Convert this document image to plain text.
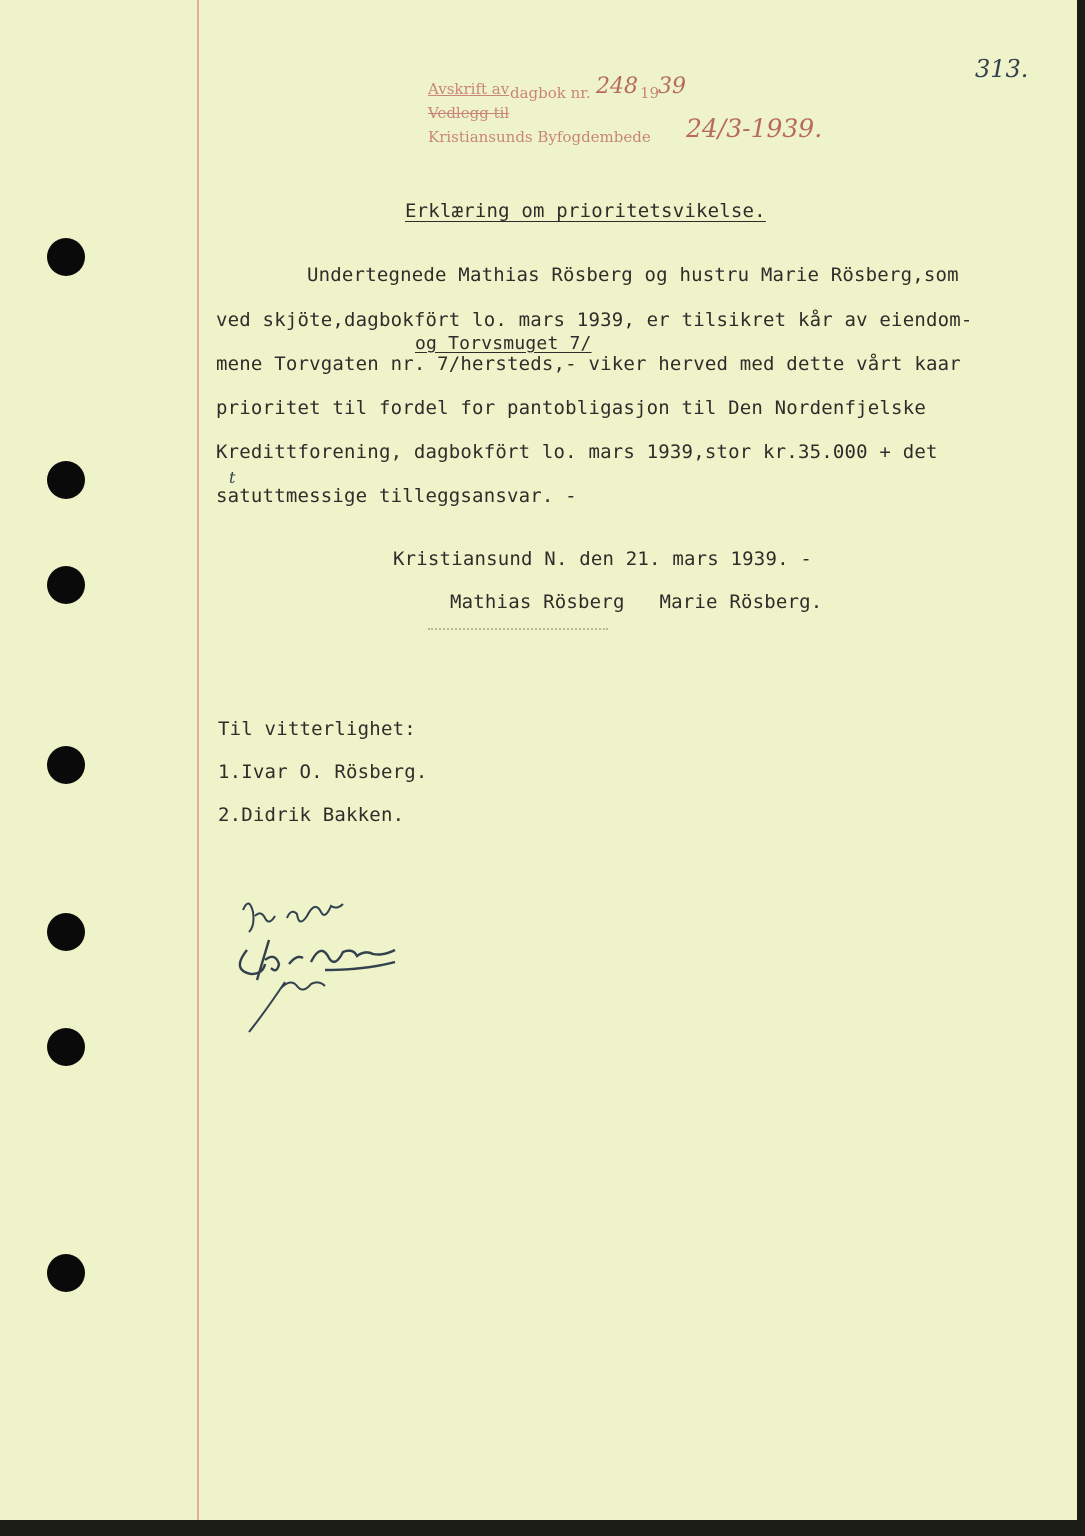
313.
Avskrift av dagbok nr. 248 19
39
Vedlegg til
Kristiansunds Byfogdembede 24/3-1939.
Erklæring om prioritetsvikelse.
Undertegnede Mathias Rösberg og hustru Marie Rösberg,som
ved skjöte,dagbokfört lo. mars 1939, er tilsikret kår av eiendom-
og Torvsmuget 7/
mene Torvgaten nr. 7/hersteds,- viker herved med dette vårt kaar
prioritet til fordel for pantobligasjon til Den Nordenfjelske
Kredittforening, dagbokfört lo. mars 1939,stor kr.35.000 + det
t
satuttmessige tilleggsansvar. -
Kristiansund N. den 21. mars 1939. -
Mathias Rösberg   Marie Rösberg.
Til vitterlighet:
1.Ivar O. Rösberg.
2.Didrik Bakken.
